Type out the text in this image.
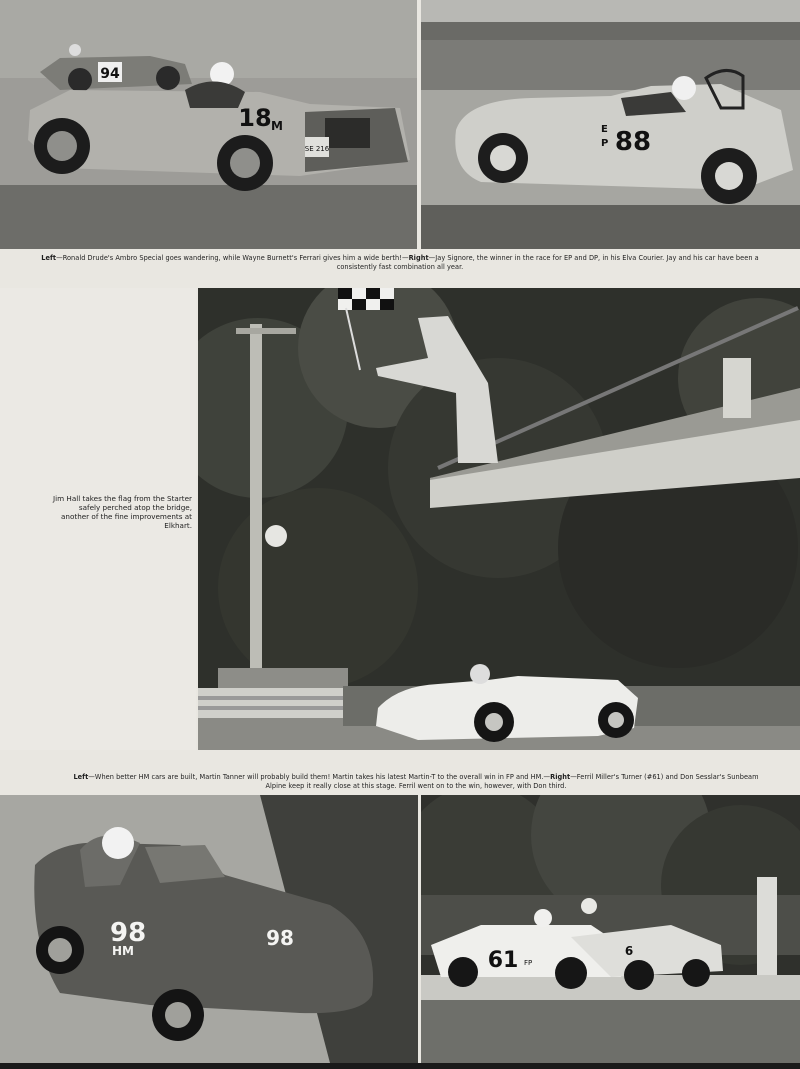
94
18 M
SE 216
E
P 88
Left—Ronald Drude's Ambro Special goes wandering, while Wayne Burnett's Ferrari gives him a wide berth!—Right—Jay Signore, the winner in the race for EP and DP, in his Elva Courier. Jay and his car have been a consistently fast combination all year.
Jim Hall takes the flag from the Starter safely perched atop the bridge, another of the fine improvements at Elkhart.
Left—When better HM cars are built, Martin Tanner will probably build them! Martin takes his latest Martin-T to the overall win in FP and HM.—Right—Ferril Miller's Turner (#61) and Don Sesslar's Sunbeam Alpine keep it really close at this stage. Ferril went on to the win, however, with Don third.
98
HM
98
61 FP
6
